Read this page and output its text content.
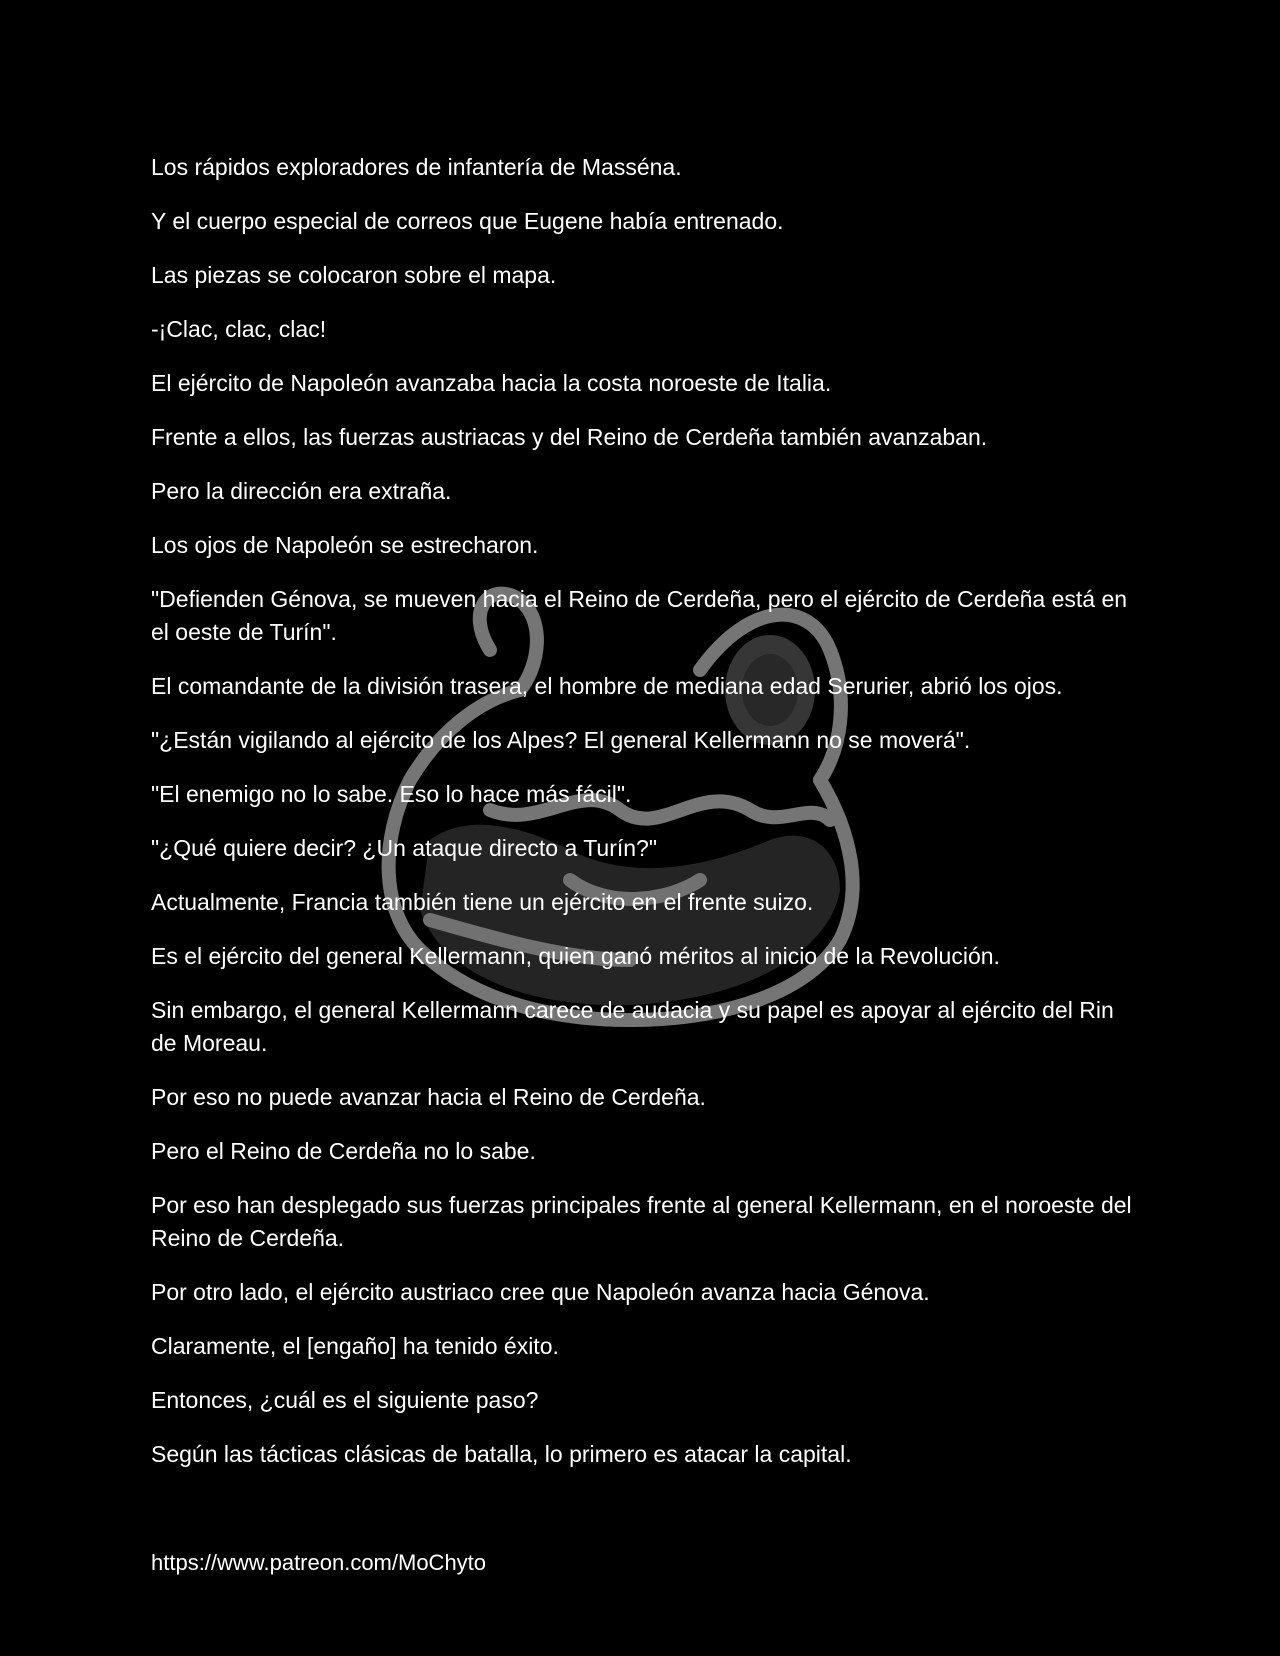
Los rápidos exploradores de infantería de Masséna.

Y el cuerpo especial de correos que Eugene había entrenado.

Las piezas se colocaron sobre el mapa.

-¡Clac, clac, clac!

El ejército de Napoleón avanzaba hacia la costa noroeste de Italia.

Frente a ellos, las fuerzas austriacas y del Reino de Cerdeña también avanzaban.

Pero la dirección era extraña.

Los ojos de Napoleón se estrecharon.

"Defienden Génova, se mueven hacia el Reino de Cerdeña, pero el ejército de Cerdeña está en el oeste de Turín".

El comandante de la división trasera, el hombre de mediana edad Serurier, abrió los ojos.

"¿Están vigilando al ejército de los Alpes? El general Kellermann no se moverá".

"El enemigo no lo sabe. Eso lo hace más fácil".

"¿Qué quiere decir? ¿Un ataque directo a Turín?"

Actualmente, Francia también tiene un ejército en el frente suizo.

Es el ejército del general Kellermann, quien ganó méritos al inicio de la Revolución.

Sin embargo, el general Kellermann carece de audacia y su papel es apoyar al ejército del Rin de Moreau.

Por eso no puede avanzar hacia el Reino de Cerdeña.

Pero el Reino de Cerdeña no lo sabe.

Por eso han desplegado sus fuerzas principales frente al general Kellermann, en el noroeste del Reino de Cerdeña.

Por otro lado, el ejército austriaco cree que Napoleón avanza hacia Génova.

Claramente, el [engaño] ha tenido éxito.

Entonces, ¿cuál es el siguiente paso?

Según las tácticas clásicas de batalla, lo primero es atacar la capital.

https://www.patreon.com/MoChyto
